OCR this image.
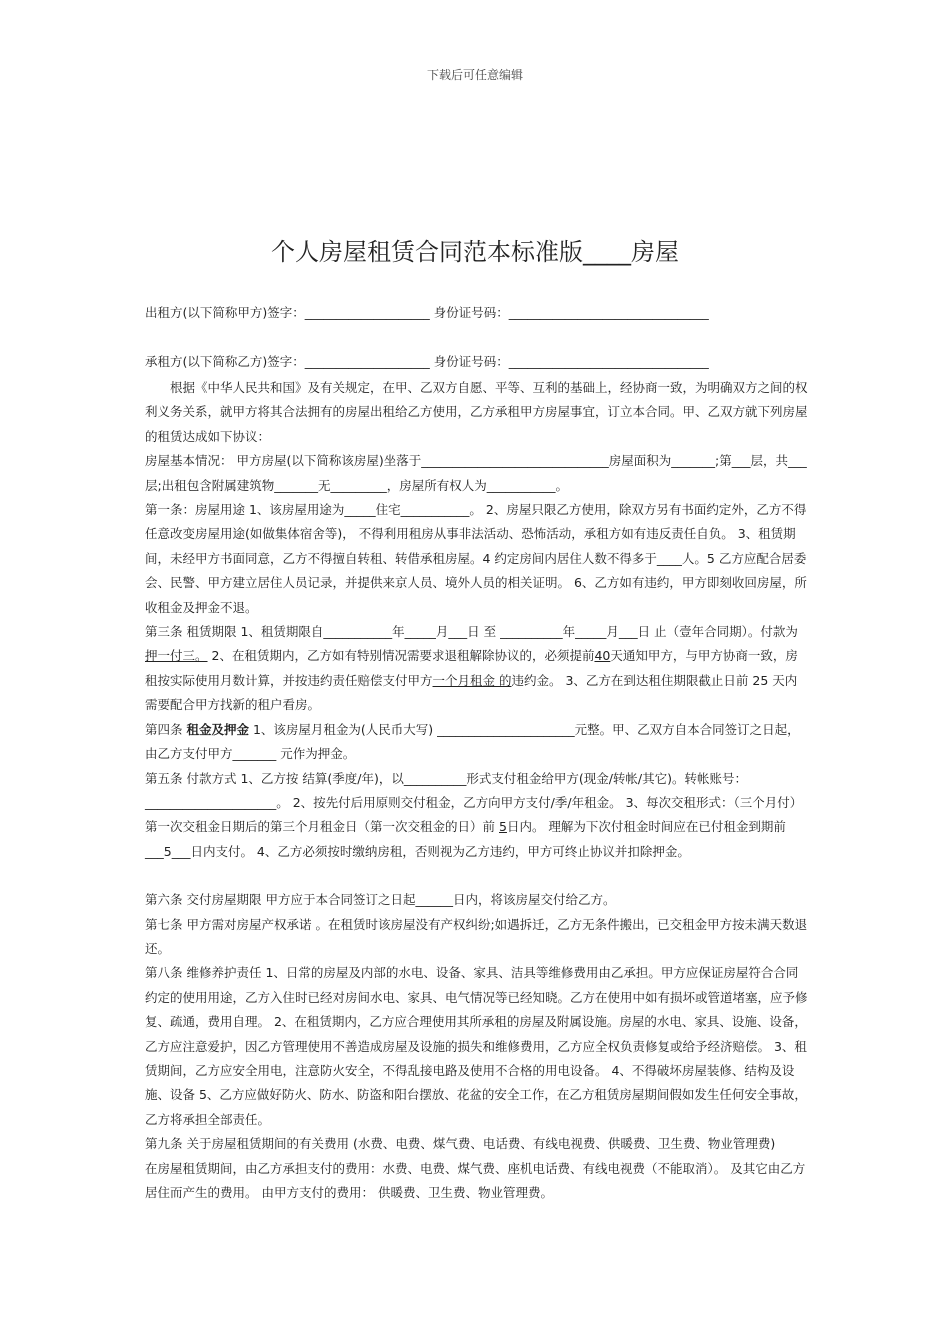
下载后可任意编辑
个人房屋租赁合同范本标准版____房屋
出租方(以下简称甲方)签字：____________________ 身份证号码：________________________________
承租方(以下简称乙方)签字：____________________ 身份证号码：________________________________

根据《中华人民共和国》及有关规定，在甲、乙双方自愿、平等、互利的基础上，经协商一致，为明确双方之间的权利义务关系，就甲方将其合法拥有的房屋出租给乙方使用，乙方承租甲方房屋事宜，订立本合同。甲、乙双方就下列房屋的租赁达成如下协议：

房屋基本情况： 甲方房屋(以下简称该房屋)坐落于______________________________房屋面积为_______;第___层，共___层;出租包含附属建筑物_______无_________，房屋所有权人为___________。

第一条：房屋用途 1、该房屋用途为_____住宅___________。 2、房屋只限乙方使用，除双方另有书面约定外，乙方不得任意改变房屋用途(如做集体宿舍等)， 不得利用租房从事非法活动、恐怖活动，承租方如有违反责任自负。 3、租赁期间，未经甲方书面同意，乙方不得擅自转租、转借承租房屋。4 约定房间内居住人数不得多于____人。5 乙方应配合居委会、民警、甲方建立居住人员记录，并提供来京人员、境外人员的相关证明。 6、乙方如有违约，甲方即刻收回房屋，所收租金及押金不退。

第三条 租赁期限 1、租赁期限自___________年_____月___日 至 __________年_____月___日 止（壹年合同期）。付款为押一付三。 2、在租赁期内，乙方如有特别情况需要求退租解除协议的，必须提前40天通知甲方，与甲方协商一致，房租按实际使用月数计算，并按违约责任赔偿支付甲方一个月租金 的违约金。 3、乙方在到达租住期限截止日前 25 天内需要配合甲方找新的租户看房。

第四条 租金及押金 1、该房屋月租金为(人民币大写) ______________________元整。甲、乙双方自本合同签订之日起，由乙方支付甲方_______ 元作为押金。

第五条 付款方式 1、乙方按 结算(季度/年)，以__________形式支付租金给甲方(现金/转帐/其它)。转帐账号：_____________________。 2、按先付后用原则交付租金，乙方向甲方支付/季/年租金。 3、每次交租形式：（三个月付）第一次交租金日期后的第三个月租金日（第一次交租金的日）前 5日内。 理解为下次付租金时间应在已付租金到期前___5___日内支付。 4、乙方必须按时缴纳房租，否则视为乙方违约，甲方可终止协议并扣除押金。

第六条 交付房屋期限 甲方应于本合同签订之日起______日内，将该房屋交付给乙方。

第七条 甲方需对房屋产权承诺 。在租赁时该房屋没有产权纠纷;如遇拆迁，乙方无条件搬出，已交租金甲方按未满天数退还。

第八条 维修养护责任 1、日常的房屋及内部的水电、设备、家具、洁具等维修费用由乙承担。甲方应保证房屋符合合同约定的使用用途，乙方入住时已经对房间水电、家具、电气情况等已经知晓。乙方在使用中如有损坏或管道堵塞，应予修复、疏通，费用自理。 2、在租赁期内，乙方应合理使用其所承租的房屋及附属设施。房屋的水电、家具、设施、设备，乙方应注意爱护，因乙方管理使用不善造成房屋及设施的损失和维修费用，乙方应全权负责修复或给予经济赔偿。 3、租赁期间，乙方应安全用电，注意防火安全，不得乱接电路及使用不合格的用电设备。 4、不得破坏房屋装修、结构及设施、设备 5、乙方应做好防火、防水、防盗和阳台摆放、花盆的安全工作，在乙方租赁房屋期间假如发生任何安全事故，乙方将承担全部责任。

第九条 关于房屋租赁期间的有关费用 (水费、电费、煤气费、电话费、有线电视费、供暖费、卫生费、物业管理费)

在房屋租赁期间，由乙方承担支付的费用：水费、电费、煤气费、座机电话费、有线电视费（不能取消）。 及其它由乙方居住而产生的费用。 由甲方支付的费用： 供暖费、卫生费、物业管理费。
